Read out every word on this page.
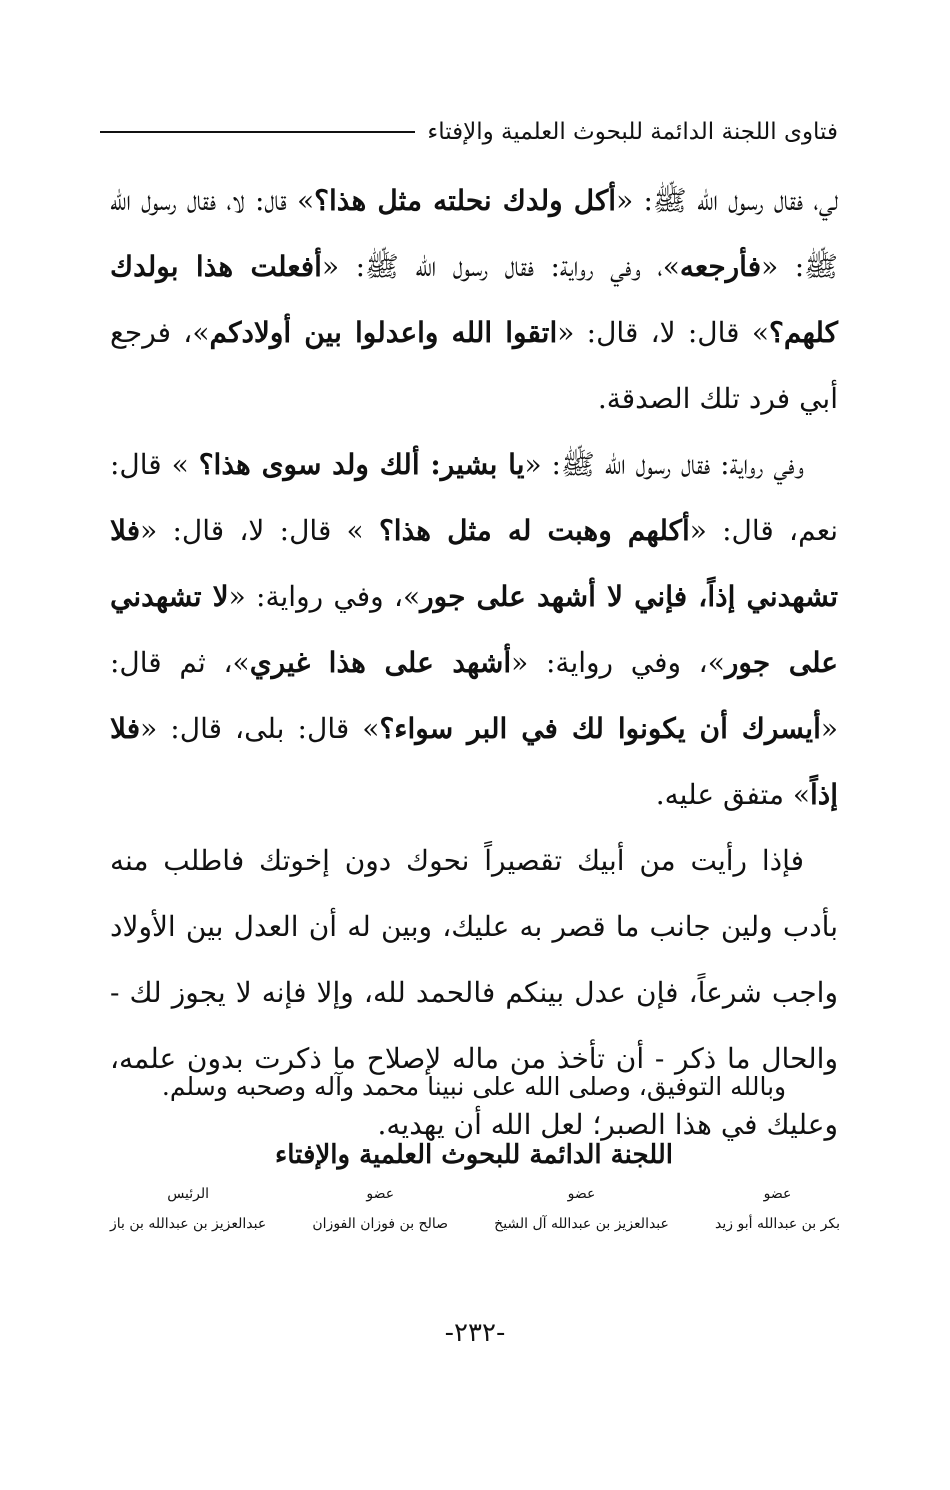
فتاوى اللجنة الدائمة للبحوث العلمية والإفتاء

لي، فقال رسول الله ﷺ: «أكل ولدك نحلته مثل هذا؟» قال: لا، فقال رسول الله ﷺ: «فأرجعه»، وفي رواية: فقال رسول الله ﷺ: «أفعلت هذا بولدك كلهم؟» قال: لا، قال: «اتقوا الله واعدلوا بين أولادكم»، فرجع أبي فرد تلك الصدقة.

وفي رواية: فقال رسول الله ﷺ: «يا بشير: ألك ولد سوى هذا؟ » قال: نعم، قال: «أكلهم وهبت له مثل هذا؟ » قال: لا، قال: «فلا تشهدني إذاً، فإني لا أشهد على جور»، وفي رواية: «لا تشهدني على جور»، وفي رواية: «أشهد على هذا غيري»، ثم قال: «أيسرك أن يكونوا لك في البر سواء؟» قال: بلى، قال: «فلا إذاً» متفق عليه.

فإذا رأيت من أبيك تقصيراً نحوك دون إخوتك فاطلب منه بأدب ولين جانب ما قصر به عليك، وبين له أن العدل بين الأولاد واجب شرعاً، فإن عدل بينكم فالحمد لله، وإلا فإنه لا يجوز لك - والحال ما ذكر - أن تأخذ من ماله لإصلاح ما ذكرت بدون علمه، وعليك في هذا الصبر؛ لعل الله أن يهديه.

وبالله التوفيق، وصلى الله على نبينا محمد وآله وصحبه وسلم.
اللجنة الدائمة للبحوث العلمية والإفتاء
عضو
بكر بن عبدالله أبو زيد
عضو
عبدالعزيز بن عبدالله آل الشيخ
عضو
صالح بن فوزان الفوزان
الرئيس
عبدالعزيز بن عبدالله بن باز
-٢٣٢-
